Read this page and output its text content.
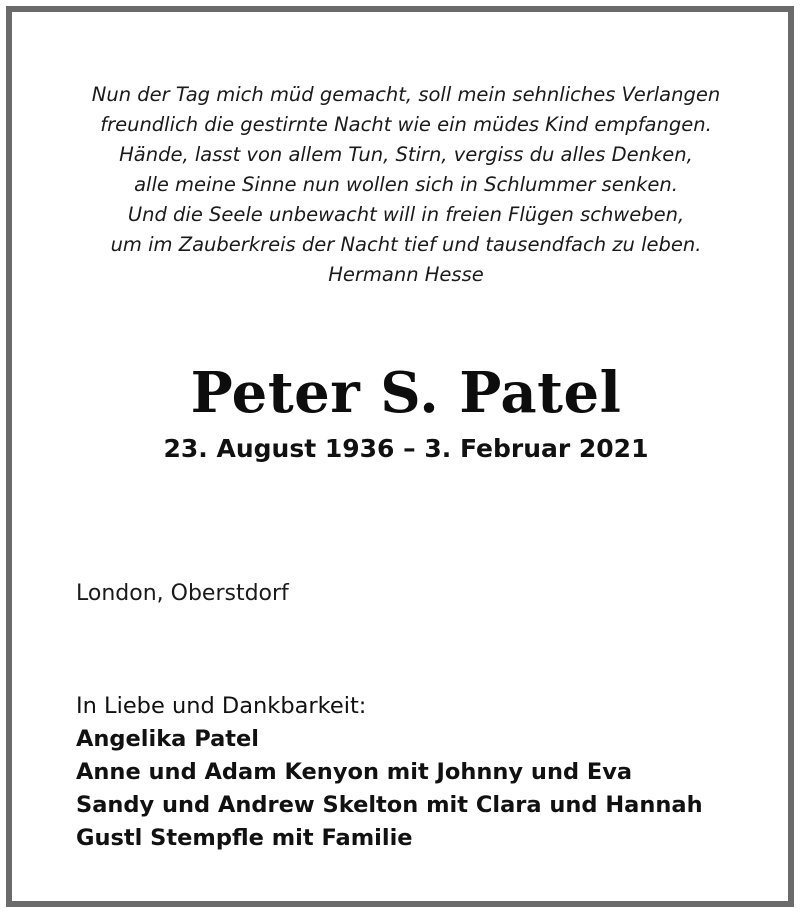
Nun der Tag mich müd gemacht, soll mein sehnliches Verlangen
freundlich die gestirnte Nacht wie ein müdes Kind empfangen.
Hände, lasst von allem Tun, Stirn, vergiss du alles Denken,
alle meine Sinne nun wollen sich in Schlummer senken.
Und die Seele unbewacht will in freien Flügen schweben,
um im Zauberkreis der Nacht tief und tausendfach zu leben.
Hermann Hesse
Peter S. Patel
23. August 1936 – 3. Februar 2021
London, Oberstdorf
In Liebe und Dankbarkeit:
Angelika Patel
Anne und Adam Kenyon mit Johnny und Eva
Sandy und Andrew Skelton mit Clara und Hannah
Gustl Stempfle mit Familie
